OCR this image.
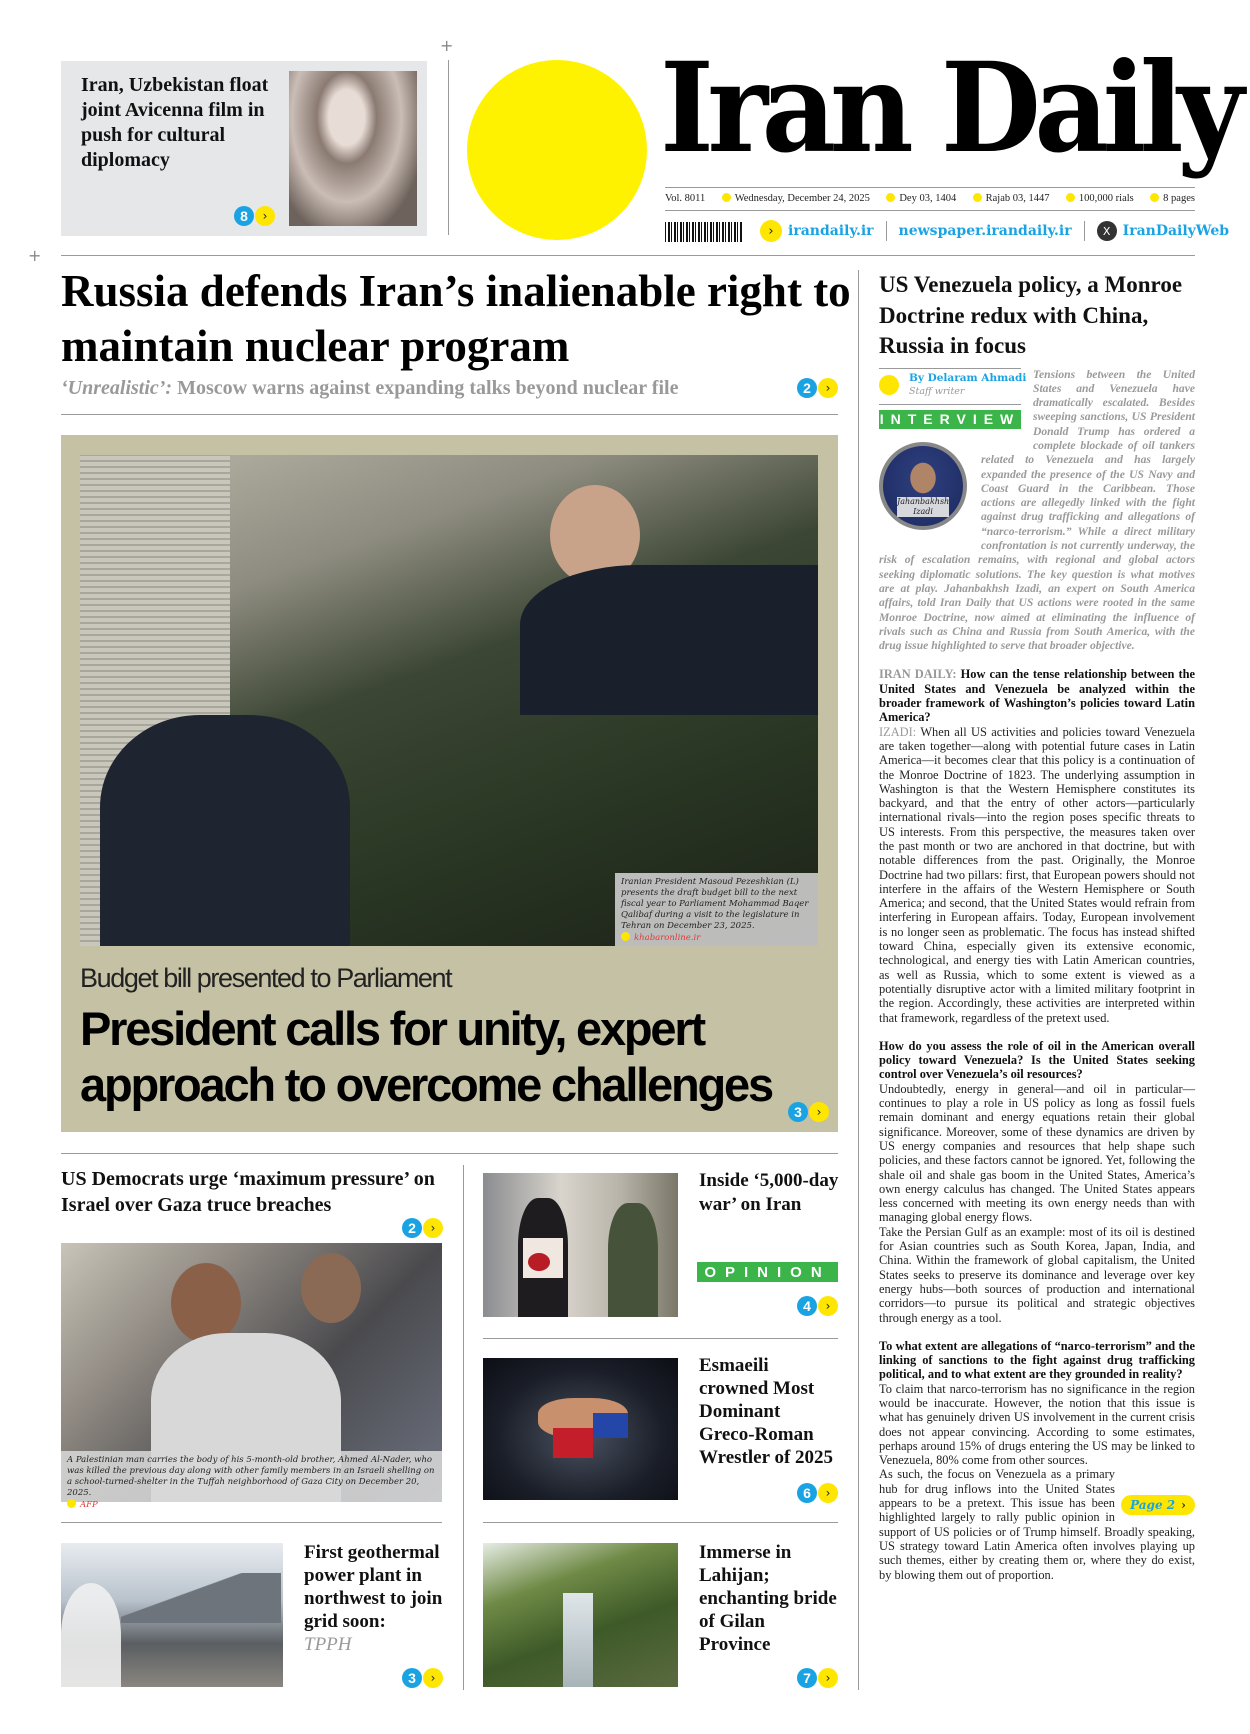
Iran, Uzbekistan float joint Avicenna film in push for cultural diplomacy
8	›
+
+
Iran Daily
Vol. 8011	Wednesday, December 24, 2025	Dey 03, 1404	Rajab 03, 1447	100,000 rials	8 pages
›	irandaily.ir newspaper.irandaily.ir	X IranDailyWeb
Russia defends Iran’s inalienable right to maintain nuclear program
‘Unrealistic’: Moscow warns against expanding talks beyond nuclear file	2	›
Iranian President Masoud Pezeshkian (L) presents the draft budget bill to the next fiscal year to Parliament Mohammad Baqer Qalibaf during a visit to the legislature in Tehran on December 23, 2025.
khabaronline.ir
Budget bill presented to Parliament
President calls for unity, expert approach to overcome challenges
3	›
US Democrats urge ‘maximum pressure’ on Israel over Gaza truce breaches
2	›
A Palestinian man carries the body of his 5-month-old brother, Ahmed Al-Nader, who was killed the previous day along with other family members in an Israeli shelling on a school-turned-shelter in the Tuffah neighborhood of Gaza City on December 20, 2025.
AFP
First geothermal power plant in northwest to join grid soon:
TPPH
3	›
Inside ‘5,000-day war’ on Iran
OPINION
4	›
Esmaeili crowned Most Dominant Greco-Roman Wrestler of 2025
6	›
Immerse in Lahijan; enchanting bride of Gilan Province
7	›
US Venezuela policy, a Monroe Doctrine redux with China, Russia in focus
By Delaram Ahmadi
Staff writer
INTERVIEW
Jahanbakhsh Izadi
Tensions between the United States and Venezuela have dramatically escalated. Besides sweeping sanctions, US President Donald Trump has ordered a complete blockade of oil tankers related to Venezuela and has largely expanded the presence of the US Navy and Coast Guard in the Caribbean. Those actions are allegedly linked with the fight against drug trafficking and allegations of “narco-terrorism.” While a direct military confrontation is not currently underway, the risk of escalation remains, with regional and global actors seeking diplomatic solutions. The key question is what motives are at play. Jahanbakhsh Izadi, an expert on South America affairs, told Iran Daily that US actions were rooted in the same Monroe Doctrine, now aimed at eliminating the influence of rivals such as China and Russia from South America, with the drug issue highlighted to serve that broader objective.

IRAN DAILY: How can the tense relationship between the United States and Venezuela be analyzed within the broader framework of Washington’s policies toward Latin America?

IZADI: When all US activities and policies toward Venezuela are taken together—along with potential future cases in Latin America—it becomes clear that this policy is a continuation of the Monroe Doctrine of 1823. The underlying assumption in Washington is that the Western Hemisphere constitutes its backyard, and that the entry of other actors—particularly international rivals—into the region poses specific threats to US interests. From this perspective, the measures taken over the past month or two are anchored in that doctrine, but with notable differences from the past. Originally, the Monroe Doctrine had two pillars: first, that European powers should not interfere in the affairs of the Western Hemisphere or South America; and second, that the United States would refrain from interfering in European affairs. Today, European involvement is no longer seen as problematic. The focus has instead shifted toward China, especially given its extensive economic, technological, and energy ties with Latin American countries, as well as Russia, which to some extent is viewed as a potentially disruptive actor with a limited military footprint in the region. Accordingly, these activities are interpreted within that framework, regardless of the pretext used.

How do you assess the role of oil in the American overall policy toward Venezuela? Is the United States seeking control over Venezuela’s oil resources?

Undoubtedly, energy in general—and oil in particular—continues to play a role in US policy as long as fossil fuels remain dominant and energy equations retain their global significance. Moreover, some of these dynamics are driven by US energy companies and resources that help shape such policies, and these factors cannot be ignored. Yet, following the shale oil and shale gas boom in the United States, America’s own energy calculus has changed. The United States appears less concerned with meeting its own energy needs than with managing global energy flows.

Take the Persian Gulf as an example: most of its oil is destined for Asian countries such as South Korea, Japan, India, and China. Within the framework of global capitalism, the United States seeks to preserve its dominance and leverage over key energy hubs—both sources of production and international corridors—to pursue its political and strategic objectives through energy as a tool.

To what extent are allegations of “narco-terrorism” and the linking of sanctions to the fight against drug trafficking political, and to what extent are they grounded in reality?

To claim that narco-terrorism has no significance in the region would be inaccurate. However, the notion that this issue is what has genuinely driven US involvement in the current crisis does not appear convincing. According to some estimates, perhaps around 15% of drugs entering the US may be linked to Venezuela, 80% come from other sources.

Page 2 ›
As such, the focus on Venezuela as a primary hub for drug inflows into the United States appears to be a pretext. This issue has been highlighted largely to rally public opinion in support of US policies or of Trump himself. Broadly speaking, US strategy toward Latin America often involves playing up such themes, either by creating them or, where they do exist, by blowing them out of proportion.
